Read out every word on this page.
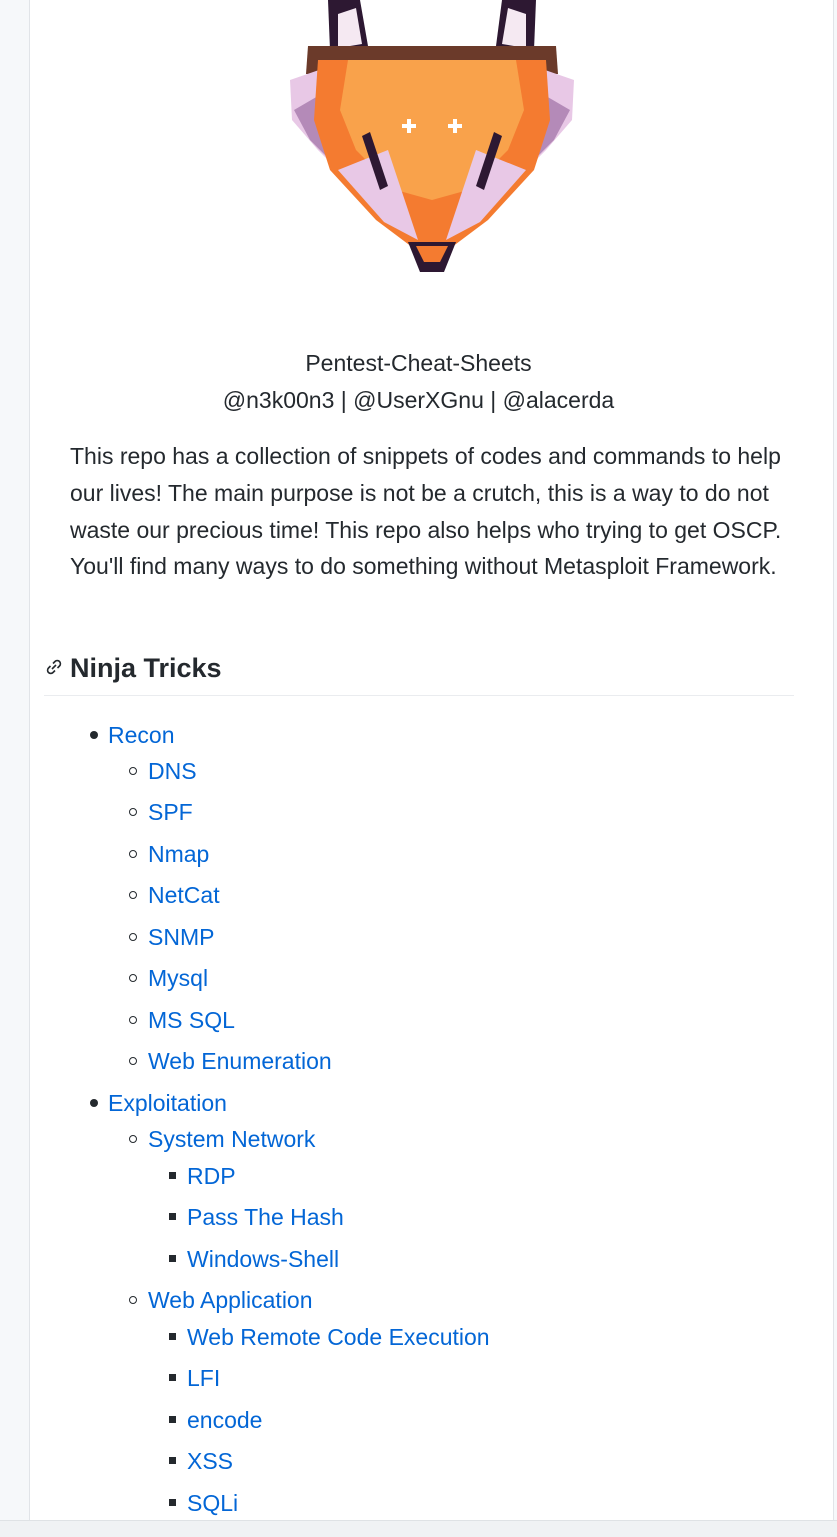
Pentest-Cheat-Sheets
@n3k00n3 | @UserXGnu | @alacerda

This repo has a collection of snippets of codes and commands to help our lives! The main purpose is not be a crutch, this is a way to do not waste our precious time! This repo also helps who trying to get OSCP. You'll find many ways to do something without Metasploit Framework.

Ninja Tricks
Recon
DNS
SPF
Nmap
NetCat
SNMP
Mysql
MS SQL
Web Enumeration
Exploitation
System Network
RDP
Pass The Hash
Windows-Shell
Web Application
Web Remote Code Execution
LFI
encode
XSS
SQLi
